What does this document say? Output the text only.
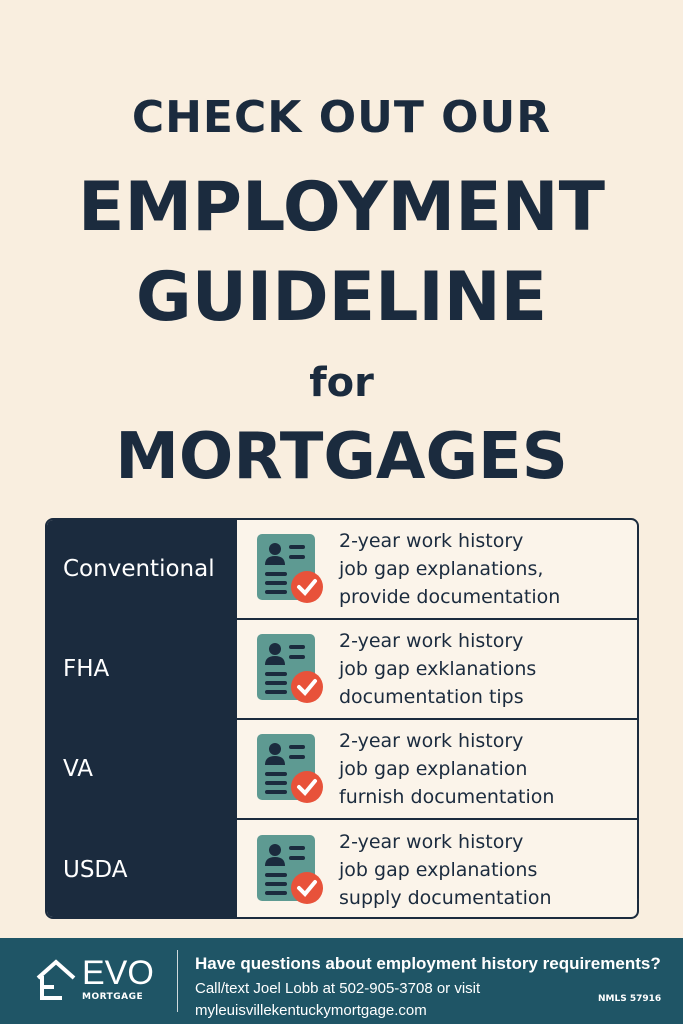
CHECK OUT OUR
EMPLOYMENT
GUIDELINE
for
MORTGAGES
Conventional
2-year work history
job gap explanations,
provide documentation
FHA
2-year work history
job gap exklanations
documentation tips
VA
2-year work history
job gap explanation
furnish documentation
USDA
2-year work history
job gap explanations
supply documentation
EVO
MORTGAGE
Have questions about employment history requirements?
Call/text Joel Lobb at 502-905-3708 or visit
myleuisvillekentuckymortgage.com
NMLS 57916
